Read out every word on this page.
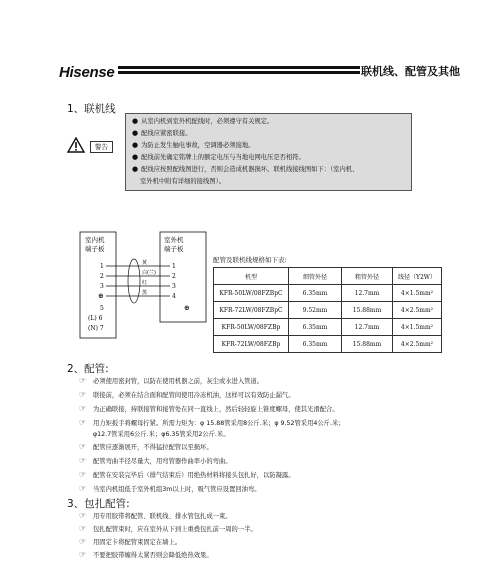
Hisense	联机线、配管及其他
1、联机线
警告
● 从室内机到室外机配线时，必须遵守有关规定。
● 配线应紧密联接。
● 为防止发生触电事故，空调器必须接地。
● 配线前先确定铭牌上的额定电压与当地电网电压是否相符。
● 配线应按照配线图进行，否则会造成机器损坏。联机线接线图如下：（室内机、
室外机中附有详细的接线图）。
室内机
端子板
室外机
端子板
1
2
3
⊕
5
(L) 6
(N) 7
1
2
3
4
⊕
黄
白(兰)
红
黑
配管及联机线规格如下表:
机型	细管外径	粗管外径	线径（Y2W）
KFR-50LW/08FZBpC	6.35mm	12.7mm	4×1.5mm²
KFR-72LW/08FZBpC	9.52mm	15.88mm	4×2.5mm²
KFR-50LW/08FZBp	6.35mm	12.7mm	4×1.5mm²
KFR-72LW/08FZBp	6.35mm	15.88mm	4×2.5mm²
2、配管:
☞ 必须使用密封管，以防在使用机器之前，灰尘或水进入管道。
☞ 联接前，必须在结合面和配管间使用冷冻机油，这样可以有效防止漏气。
☞ 为正确联接，持联接管和接管处在同一直线上，然后轻轻旋上锥度螺母，使其光滑配合。
☞ 用力矩扳手将螺母拧紧。所需力矩为：φ 15.88管采用8公斤.米；φ 9.52管采用4公斤.米；
φ12.7管采用6公斤.米；φ6.35管采用2公斤.米。
☞ 配管应逐渐展开，不得猛拉配管以至损坏。
☞ 配管弯曲半径尽量大，用弯管器作曲率小的弯曲。
☞ 配管在安装完毕后（排气结束后）用绝热材料将接头包扎好，以防凝露。
☞ 当室内机组低于室外机组3m以上时，吸气管应设置回油弯。
3、包扎配管:
☞ 用专用胶带将配管、联机线、排水管包扎成一束。
☞ 包扎配管束时，应在室外从下到上重叠包扎前一周的一半。
☞ 用固定卡将配管束固定在墙上。
☞ 不要把胶带缠得太紧否则会降低绝热效果。
